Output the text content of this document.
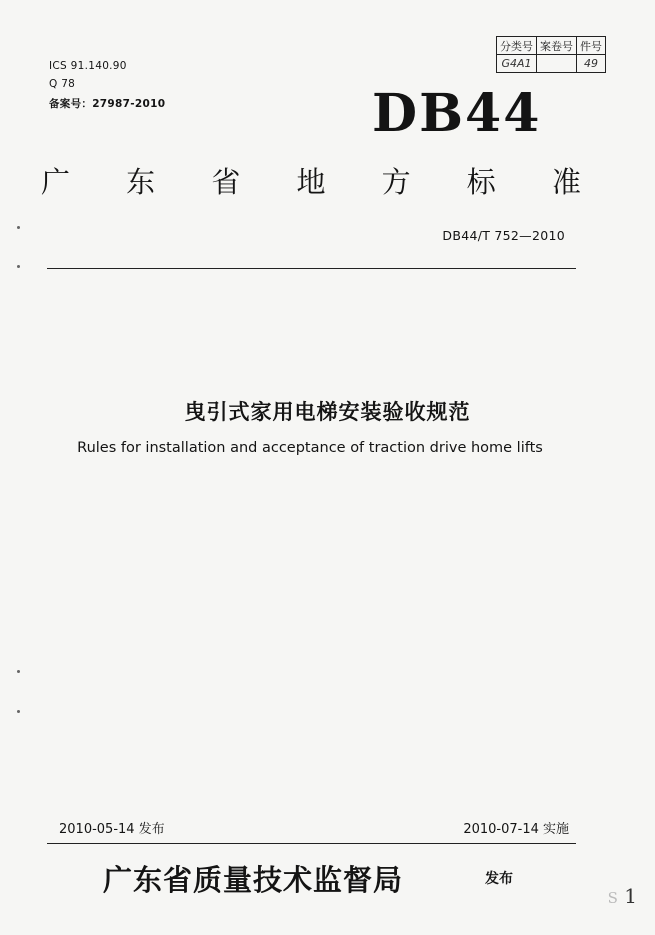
ICS 91.140.90
Q 78
备案号：27987-2010
分类号	案卷号	件号
G4A1		49
DB44
广 东 省 地 方 标 准
DB44/T 752—2010
曳引式家用电梯安装验收规范
Rules for installation and acceptance of traction drive home lifts
2010-05-14 发布	2010-07-14 实施
广东省质量技术监督局	发布
S 1
